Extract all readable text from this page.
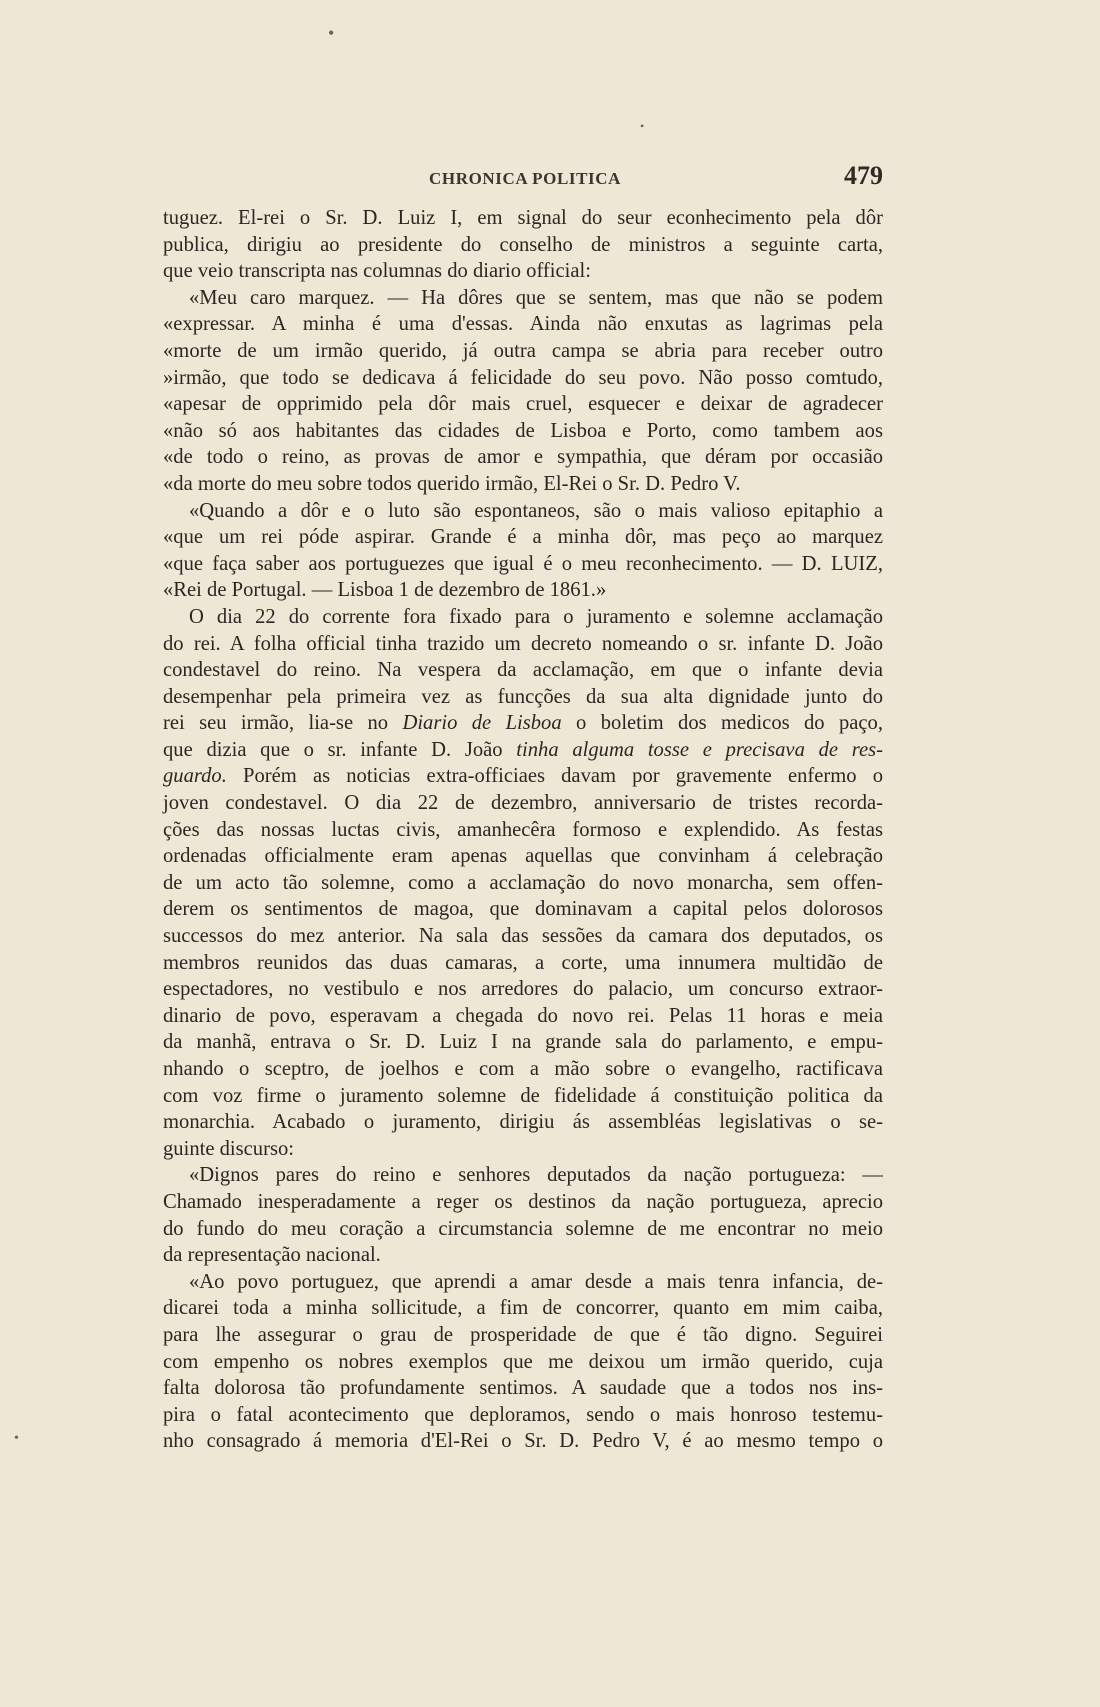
•
•
•
CHRONICA POLITICA	479
tuguez. El-rei o Sr. D. Luiz I, em signal do seur econhecimento pela dôr
publica, dirigiu ao presidente do conselho de ministros a seguinte carta,
que veio transcripta nas columnas do diario official:
«Meu caro marquez. — Ha dôres que se sentem, mas que não se podem
«expressar. A minha é uma d'essas. Ainda não enxutas as lagrimas pela
«morte de um irmão querido, já outra campa se abria para receber outro
»irmão, que todo se dedicava á felicidade do seu povo. Não posso comtudo,
«apesar de opprimido pela dôr mais cruel, esquecer e deixar de agradecer
«não só aos habitantes das cidades de Lisboa e Porto, como tambem aos
«de todo o reino, as provas de amor e sympathia, que déram por occasião
«da morte do meu sobre todos querido irmão, El-Rei o Sr. D. Pedro V.
«Quando a dôr e o luto são espontaneos, são o mais valioso epitaphio a
«que um rei póde aspirar. Grande é a minha dôr, mas peço ao marquez
«que faça saber aos portuguezes que igual é o meu reconhecimento. — D. LUIZ,
«Rei de Portugal. — Lisboa 1 de dezembro de 1861.»
O dia 22 do corrente fora fixado para o juramento e solemne acclamação
do rei. A folha official tinha trazido um decreto nomeando o sr. infante D. João
condestavel do reino. Na vespera da acclamação, em que o infante devia
desempenhar pela primeira vez as funcções da sua alta dignidade junto do
rei seu irmão, lia-se no Diario de Lisboa o boletim dos medicos do paço,
que dizia que o sr. infante D. João tinha alguma tosse e precisava de res-
guardo. Porém as noticias extra-officiaes davam por gravemente enfermo o
joven condestavel. O dia 22 de dezembro, anniversario de tristes recorda-
ções das nossas luctas civis, amanhecêra formoso e explendido. As festas
ordenadas officialmente eram apenas aquellas que convinham á celebração
de um acto tão solemne, como a acclamação do novo monarcha, sem offen-
derem os sentimentos de magoa, que dominavam a capital pelos dolorosos
successos do mez anterior. Na sala das sessões da camara dos deputados, os
membros reunidos das duas camaras, a corte, uma innumera multidão de
espectadores, no vestibulo e nos arredores do palacio, um concurso extraor-
dinario de povo, esperavam a chegada do novo rei. Pelas 11 horas e meia
da manhã, entrava o Sr. D. Luiz I na grande sala do parlamento, e empu-
nhando o sceptro, de joelhos e com a mão sobre o evangelho, ractificava
com voz firme o juramento solemne de fidelidade á constituição politica da
monarchia. Acabado o juramento, dirigiu ás assembléas legislativas o se-
guinte discurso:
«Dignos pares do reino e senhores deputados da nação portugueza: —
Chamado inesperadamente a reger os destinos da nação portugueza, aprecio
do fundo do meu coração a circumstancia solemne de me encontrar no meio
da representação nacional.
«Ao povo portuguez, que aprendi a amar desde a mais tenra infancia, de-
dicarei toda a minha sollicitude, a fim de concorrer, quanto em mim caiba,
para lhe assegurar o grau de prosperidade de que é tão digno. Seguirei
com empenho os nobres exemplos que me deixou um irmão querido, cuja
falta dolorosa tão profundamente sentimos. A saudade que a todos nos ins-
pira o fatal acontecimento que deploramos, sendo o mais honroso testemu-
nho consagrado á memoria d'El-Rei o Sr. D. Pedro V, é ao mesmo tempo o
